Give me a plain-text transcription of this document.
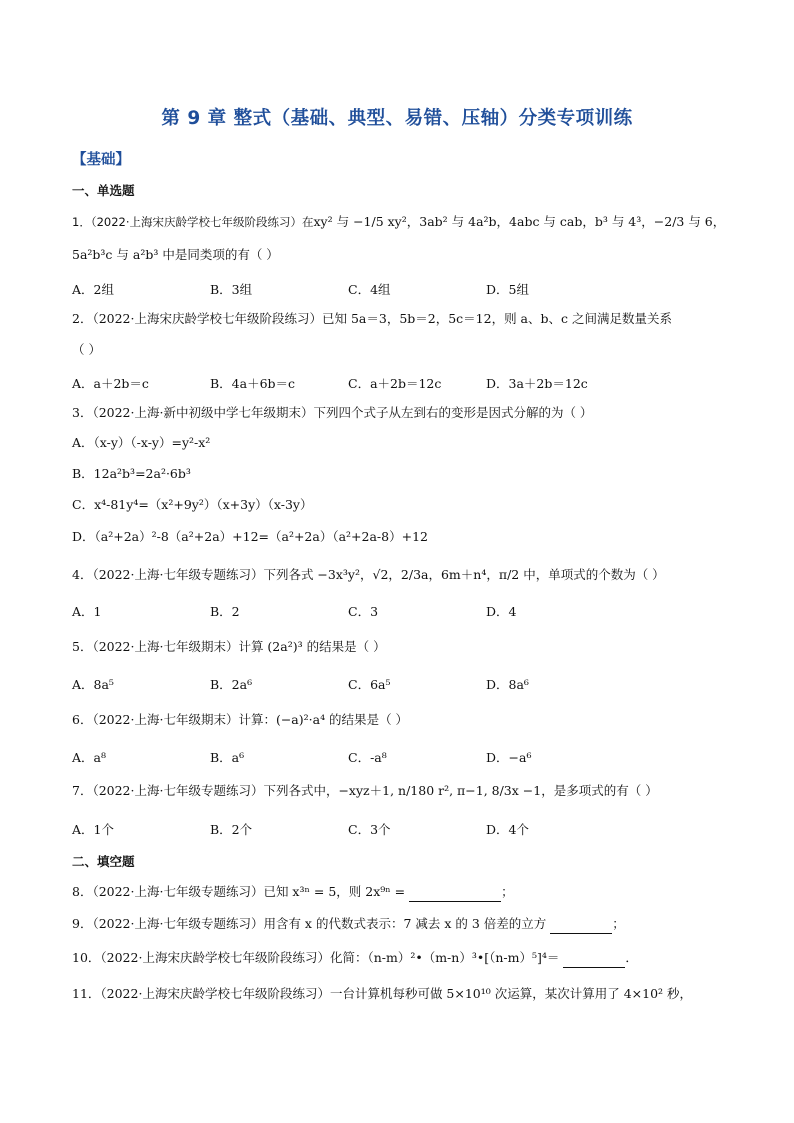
第 9 章 整式（基础、典型、易错、压轴）分类专项训练
【基础】
一、单选题
1．（2022·上海宋庆龄学校七年级阶段练习）在xy² 与 −1/5 xy²，3ab² 与 4a²b，4abc 与 cab，b³ 与 4³，−2/3 与 6，
5a²b³c 与 a²b³ 中是同类项的有（ ）
A．2组	B．3组	C．4组	D．5组
2．（2022·上海宋庆龄学校七年级阶段练习）已知 5a＝3，5b＝2，5c＝12，则 a、b、c 之间满足数量关系
（ ）
A．a＋2b＝c	B．4a＋6b＝c	C．a＋2b＝12c	D．3a＋2b＝12c
3．（2022·上海·新中初级中学七年级期末）下列四个式子从左到右的变形是因式分解的为（ ）
A．（x-y）（-x-y）=y²-x²
B．12a²b³=2a²·6b³
C．x⁴-81y⁴=（x²+9y²）（x+3y）（x-3y）
D．（a²+2a）²-8（a²+2a）+12=（a²+2a）（a²+2a-8）+12
4．（2022·上海·七年级专题练习）下列各式 −3x³y²，√2，2/3a，6m＋n⁴，π/2 中，单项式的个数为（ ）
A．1	B．2	C．3	D．4
5．（2022·上海·七年级期末）计算 (2a²)³ 的结果是（ ）
A．8a⁵	B．2a⁶	C．6a⁵	D．8a⁶
6．（2022·上海·七年级期末）计算：(−a)²·a⁴ 的结果是（ ）
A．a⁸	B．a⁶	C．-a⁸	D．−a⁶
7．（2022·上海·七年级专题练习）下列各式中，−xyz＋1, n/180 r², π−1, 8/3x −1，是多项式的有（ ）
A．1个	B．2个	C．3个	D．4个
二、填空题
8．（2022·上海·七年级专题练习）已知 x³ⁿ = 5，则 2x⁹ⁿ =	；
9．（2022·上海·七年级专题练习）用含有 x 的代数式表示：7 减去 x 的 3 倍差的立方	；
10．（2022·上海宋庆龄学校七年级阶段练习）化简：（n-m）²•（m-n）³•[（n-m）⁵]⁴＝	．
11．（2022·上海宋庆龄学校七年级阶段练习）一台计算机每秒可做 5×10¹⁰ 次运算，某次计算用了 4×10² 秒，
